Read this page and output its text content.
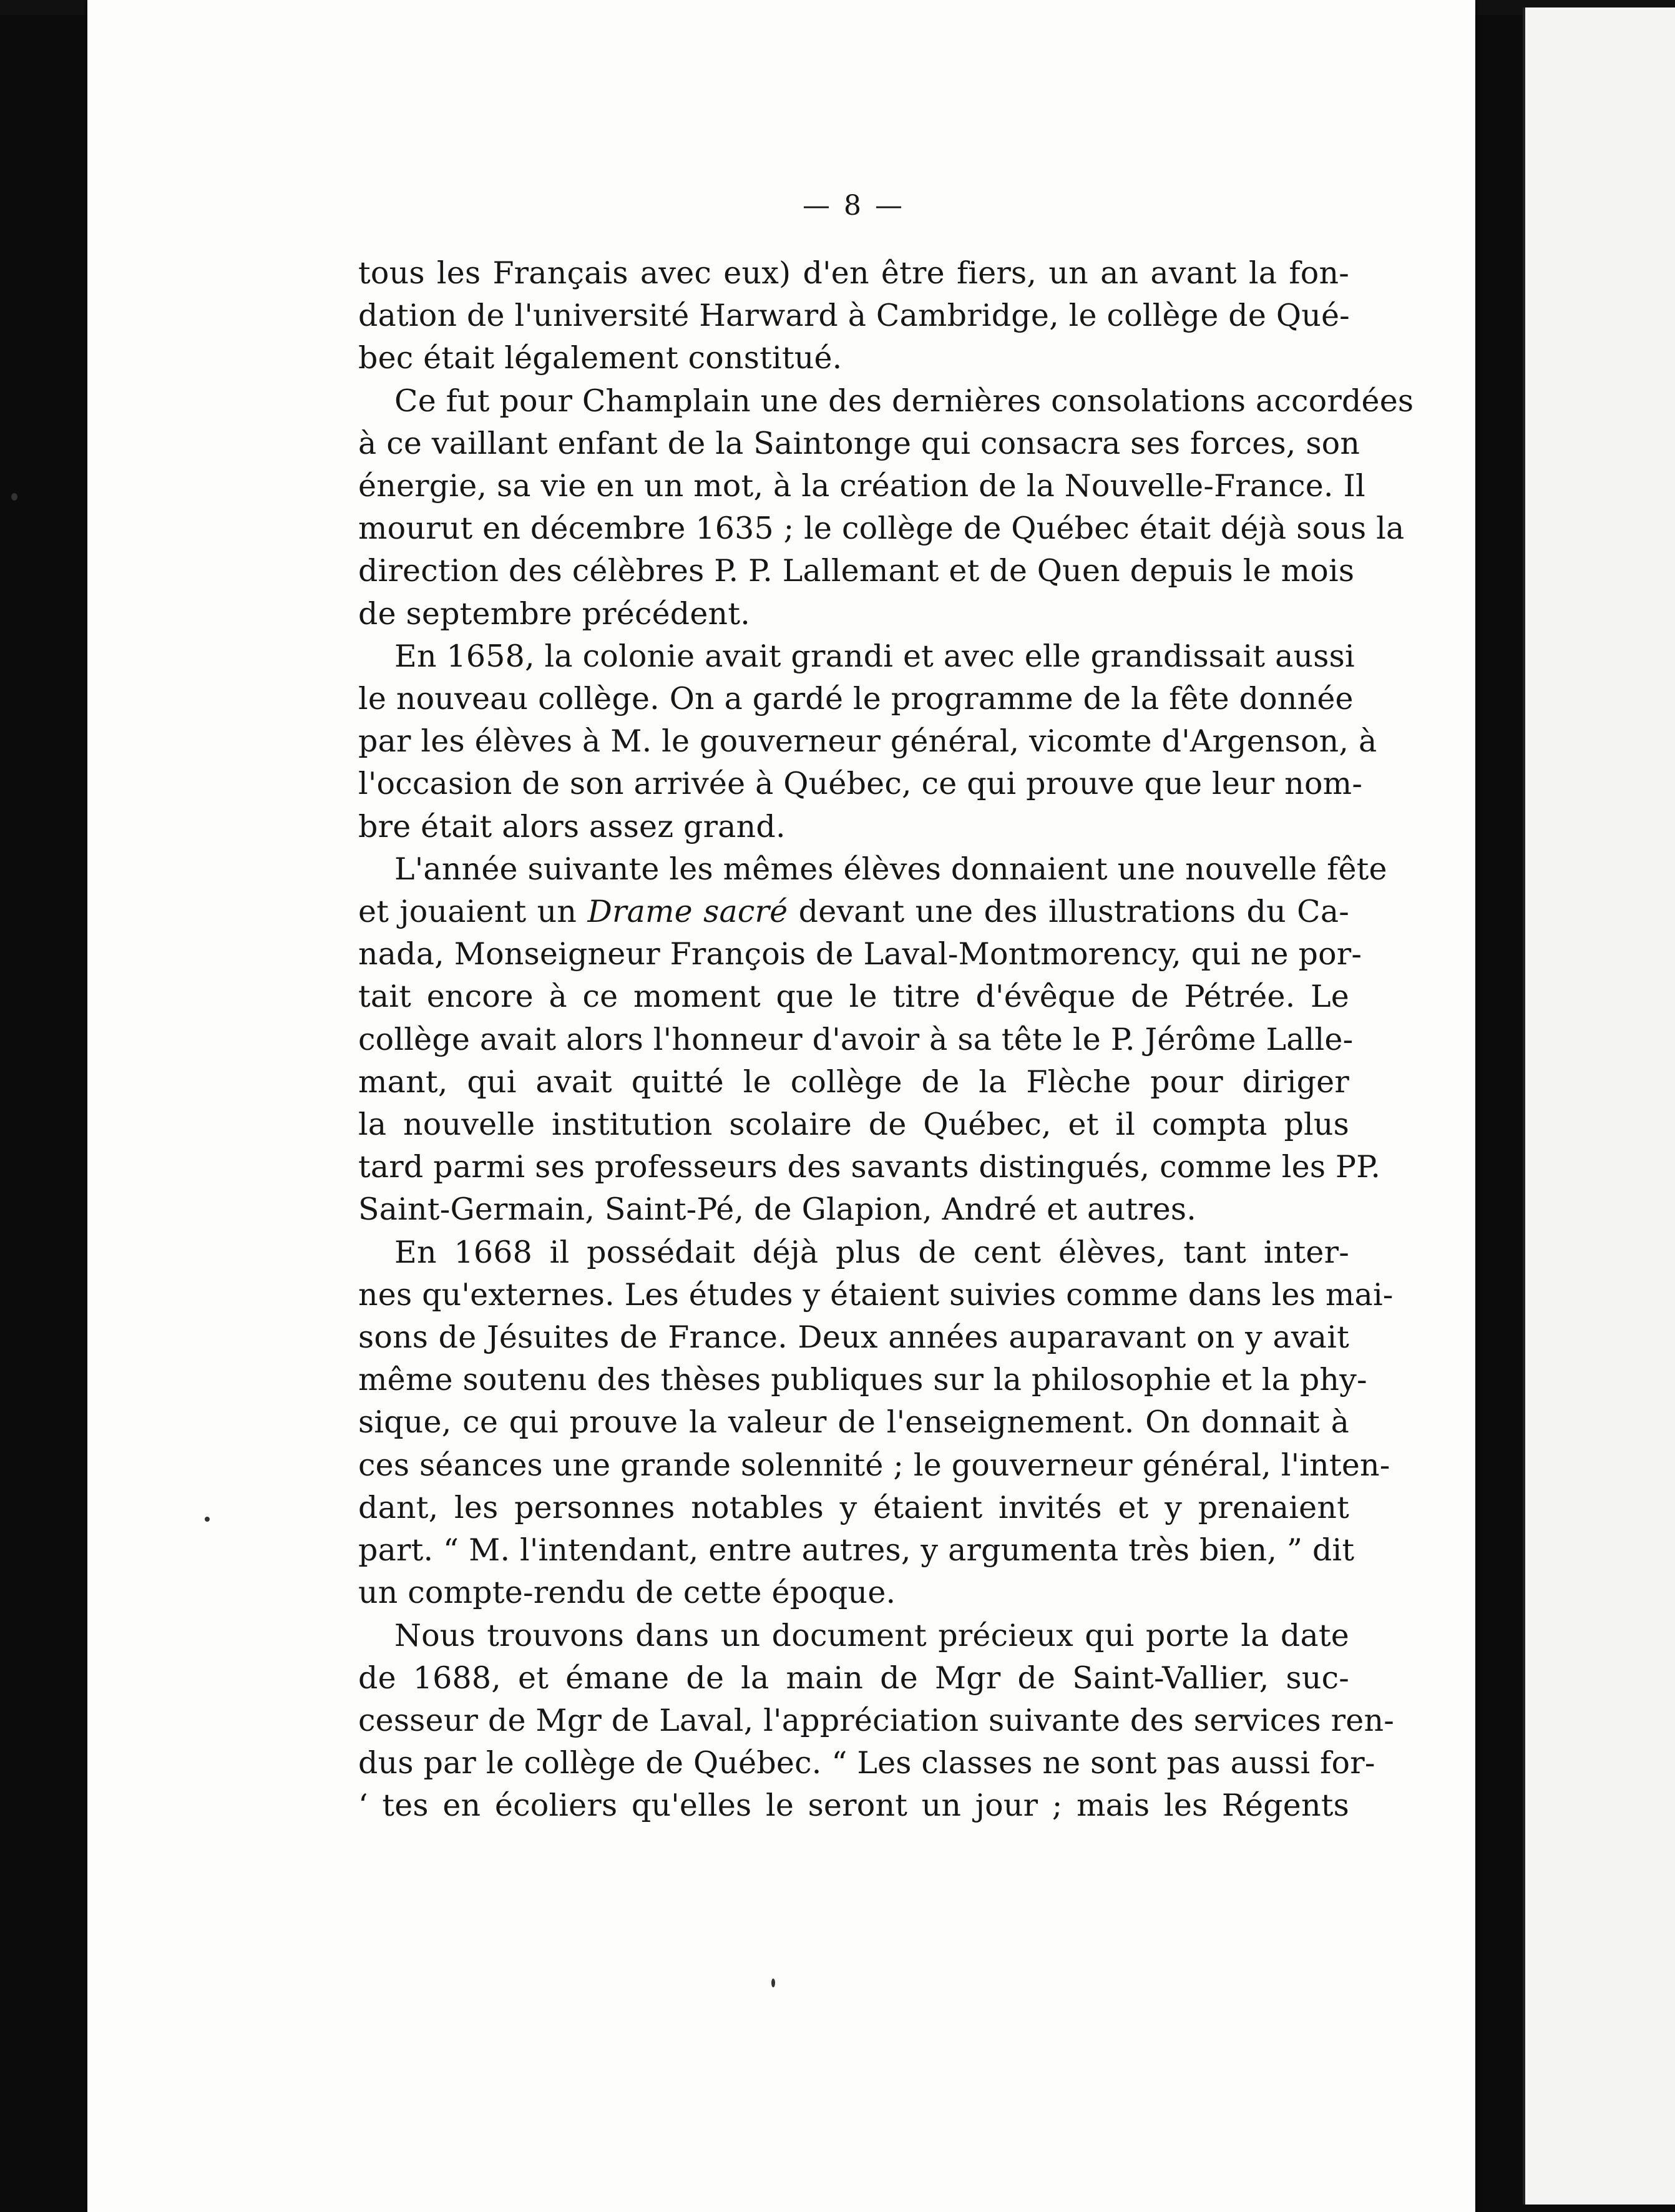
— 8 —
tous les Français avec eux) d'en être fiers, un an avant la fon-
dation de l'université Harward à Cambridge, le collège de Qué-
bec était légalement constitué.
Ce fut pour Champlain une des dernières consolations accordées
à ce vaillant enfant de la Saintonge qui consacra ses forces, son
énergie, sa vie en un mot, à la création de la Nouvelle-France. Il
mourut en décembre 1635 ; le collège de Québec était déjà sous la
direction des célèbres P. P. Lallemant et de Quen depuis le mois
de septembre précédent.
En 1658, la colonie avait grandi et avec elle grandissait aussi
le nouveau collège. On a gardé le programme de la fête donnée
par les élèves à M. le gouverneur général, vicomte d'Argenson, à
l'occasion de son arrivée à Québec, ce qui prouve que leur nom-
bre était alors assez grand.
L'année suivante les mêmes élèves donnaient une nouvelle fête
et jouaient un Drame sacré devant une des illustrations du Ca-
nada, Monseigneur François de Laval-Montmorency, qui ne por-
tait encore à ce moment que le titre d'évêque de Pétrée. Le
collège avait alors l'honneur d'avoir à sa tête le P. Jérôme Lalle-
mant, qui avait quitté le collège de la Flèche pour diriger
la nouvelle institution scolaire de Québec, et il compta plus
tard parmi ses professeurs des savants distingués, comme les PP.
Saint-Germain, Saint-Pé, de Glapion, André et autres.
En 1668 il possédait déjà plus de cent élèves, tant inter-
nes qu'externes. Les études y étaient suivies comme dans les mai-
sons de Jésuites de France. Deux années auparavant on y avait
même soutenu des thèses publiques sur la philosophie et la phy-
sique, ce qui prouve la valeur de l'enseignement. On donnait à
ces séances une grande solennité ; le gouverneur général, l'inten-
dant, les personnes notables y étaient invités et y prenaient
part. “ M. l'intendant, entre autres, y argumenta très bien, ” dit
un compte-rendu de cette époque.
Nous trouvons dans un document précieux qui porte la date
de 1688, et émane de la main de Mgr de Saint-Vallier, suc-
cesseur de Mgr de Laval, l'appréciation suivante des services ren-
dus par le collège de Québec. “ Les classes ne sont pas aussi for-
‘ tes en écoliers qu'elles le seront un jour ; mais les Régents
